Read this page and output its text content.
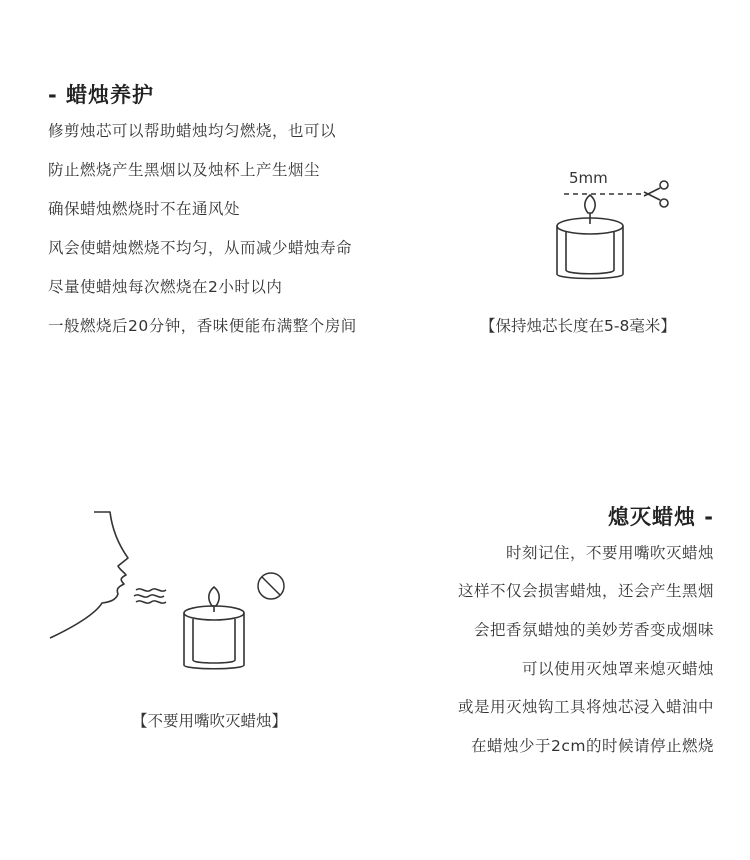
- 蜡烛养护
修剪烛芯可以帮助蜡烛均匀燃烧，也可以
防止燃烧产生黑烟以及烛杯上产生烟尘
确保蜡烛燃烧时不在通风处
风会使蜡烛燃烧不均匀，从而减少蜡烛寿命
尽量使蜡烛每次燃烧在2小时以内
一般燃烧后20分钟，香味便能布满整个房间
5mm
【保持烛芯长度在5-8毫米】
熄灭蜡烛 -
时刻记住，不要用嘴吹灭蜡烛
这样不仅会损害蜡烛，还会产生黑烟
会把香氛蜡烛的美妙芳香变成烟味
可以使用灭烛罩来熄灭蜡烛
或是用灭烛钩工具将烛芯浸入蜡油中
在蜡烛少于2cm的时候请停止燃烧
【不要用嘴吹灭蜡烛】
